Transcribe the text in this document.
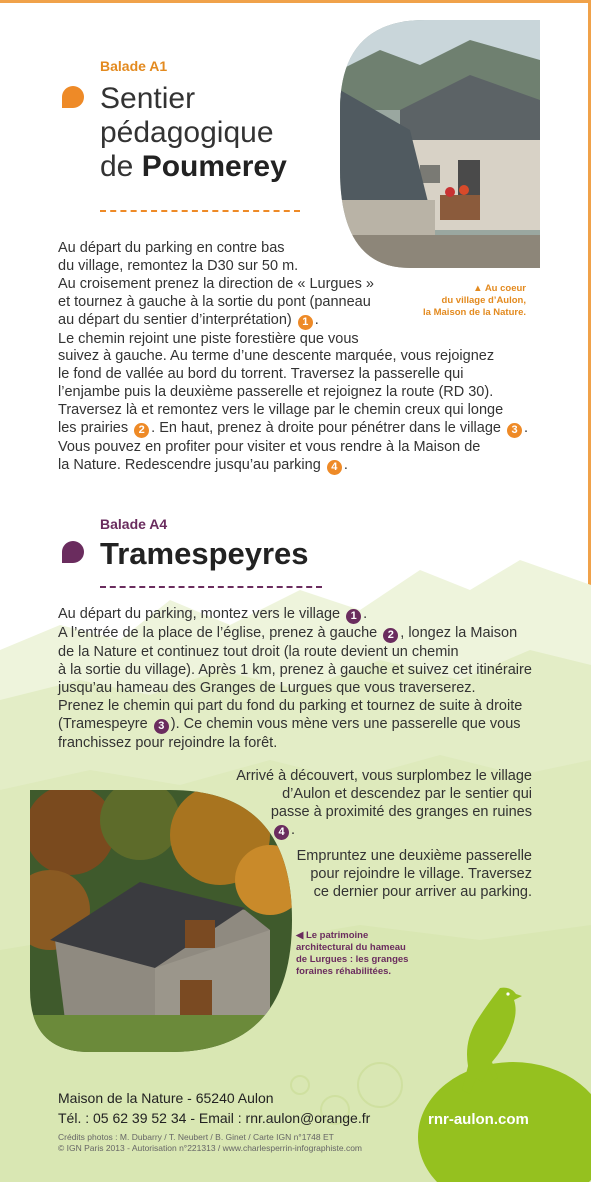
Balade A1
Sentier
pédagogique
de Poumerey
▲ Au coeur
du village d’Aulon,
la Maison de la Nature.
Au départ du parking en contre bas
du village, remontez la D30 sur 50 m.
Au croisement prenez la direction de « Lurgues »
et tournez à gauche à la sortie du pont (panneau
au départ du sentier d’interprétation) 1 .
Le chemin rejoint une piste forestière que vous
suivez à gauche. Au terme d’une descente marquée, vous rejoignez
le fond de vallée au bord du torrent. Traversez la passerelle qui
l’enjambe puis la deuxième passerelle et rejoignez la route (RD 30).
Traversez là et remontez vers le village par le chemin creux qui longe
les prairies 2 . En haut, prenez à droite pour pénétrer dans le village 3 .
Vous pouvez en profiter pour visiter et vous rendre à la Maison de
la Nature. Redescendre jusqu’au parking 4 .
Balade A4
Tramespeyres
Au départ du parking, montez vers le village 1 .
A l’entrée de la place de l’église, prenez à gauche 2 , longez la Maison
de la Nature et continuez tout droit (la route devient un chemin
à la sortie du village). Après 1 km, prenez à gauche et suivez cet itinéraire
jusqu’au hameau des Granges de Lurgues que vous traverserez.
Prenez le chemin qui part du fond du parking et tournez de suite à droite
(Tramespeyre 3 ). Ce chemin vous mène vers une passerelle que vous
franchissez pour rejoindre la forêt.
Arrivé à découvert, vous surplombez le village
d’Aulon et descendez par le sentier qui
passe à proximité des granges en ruines
4 .
Empruntez une deuxième passerelle
pour rejoindre le village. Traversez
ce dernier pour arriver au parking.
◀ Le patrimoine
architectural du hameau
de Lurgues : les granges
foraines réhabilitées.
Maison de la Nature - 65240 Aulon
Tél. : 05 62 39 52 34 - Email : rnr.aulon@orange.fr
Crédits photos : M. Dubarry / T. Neubert / B. Ginet / Carte IGN n°1748 ET
© IGN Paris 2013 - Autorisation n°221313 / www.charlesperrin-infographiste.com
rnr-aulon.com
